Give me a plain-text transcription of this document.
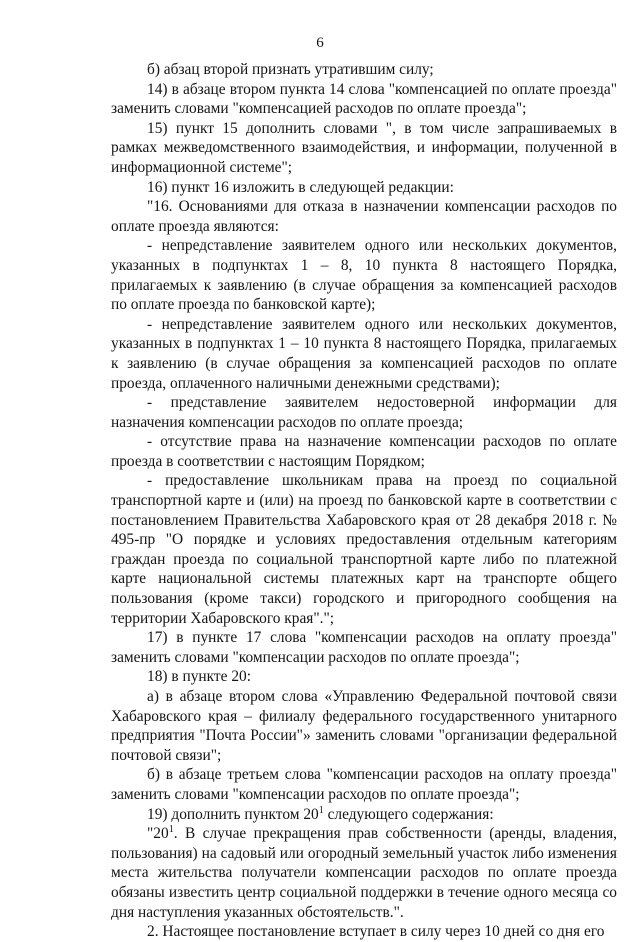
6

б) абзац второй признать утратившим силу;

14) в абзаце втором пункта 14 слова "компенсацией по оплате проезда" заменить словами "компенсацией расходов по оплате проезда";

15) пункт 15 дополнить словами ", в том числе запрашиваемых в рамках межведомственного взаимодействия, и информации, полученной в информационной системе";

16) пункт 16 изложить в следующей редакции:

"16. Основаниями для отказа в назначении компенсации расходов по оплате проезда являются:

- непредставление заявителем одного или нескольких документов, указанных в подпунктах 1 – 8, 10 пункта 8 настоящего Порядка, прилагаемых к заявлению (в случае обращения за компенсацией расходов по оплате проезда по банковской карте);

- непредставление заявителем одного или нескольких документов, указанных в подпунктах 1 – 10 пункта 8 настоящего Порядка, прилагаемых к заявлению (в случае обращения за компенсацией расходов по оплате проезда, оплаченного наличными денежными средствами);

- представление заявителем недостоверной информации для назначения компенсации расходов по оплате проезда;

- отсутствие права на назначение компенсации расходов по оплате проезда в соответствии с настоящим Порядком;

- предоставление школьникам права на проезд по социальной транспортной карте и (или) на проезд по банковской карте в соответствии с постановлением Правительства Хабаровского края от 28 декабря 2018 г. № 495-пр "О порядке и условиях предоставления отдельным категориям граждан проезда по социальной транспортной карте либо по платежной карте национальной системы платежных карт на транспорте общего пользования (кроме такси) городского и пригородного сообщения на территории Хабаровского края".";

17) в пункте 17 слова "компенсации расходов на оплату проезда" заменить словами "компенсации расходов по оплате проезда";

18) в пункте 20:

а) в абзаце втором слова «Управлению Федеральной почтовой связи Хабаровского края – филиалу федерального государственного унитарного предприятия "Почта России"» заменить словами "организации федеральной почтовой связи";

б) в абзаце третьем слова "компенсации расходов на оплату проезда" заменить словами "компенсации расходов по оплате проезда";

19) дополнить пунктом $20^1$ следующего содержания:

"$20^1$. В случае прекращения прав собственности (аренды, владения, пользования) на садовый или огородный земельный участок либо изменения места жительства получатели компенсации расходов по оплате проезда обязаны известить центр социальной поддержки в течение одного месяца со дня наступления указанных обстоятельств.".

2. Настоящее постановление вступает в силу через 10 дней со дня его
